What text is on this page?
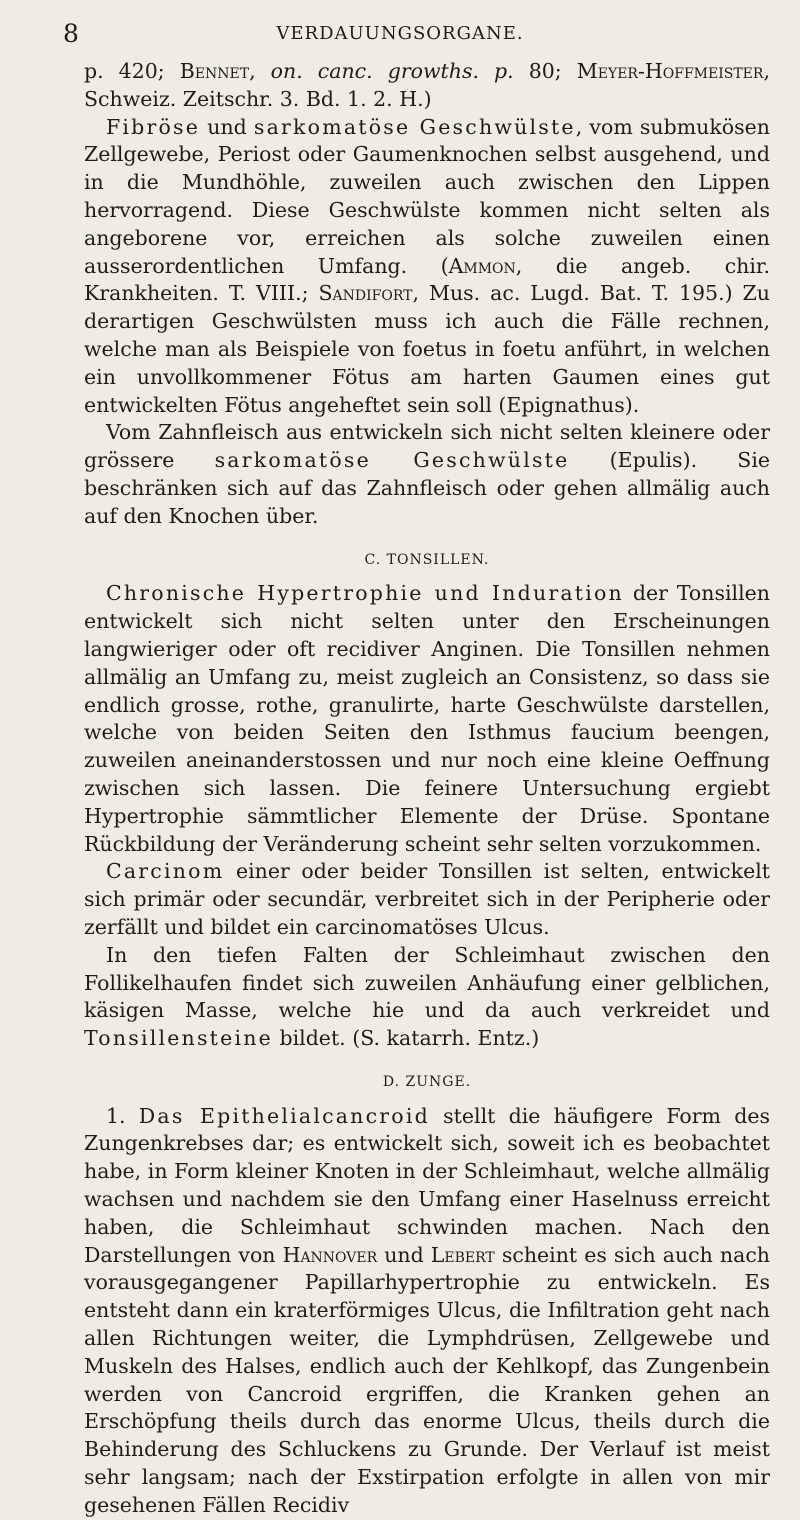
8	VERDAUUNGSORGANE.

p. 420; Bennet, on. canc. growths. p. 80; Meyer-Hoffmeister, Schweiz. Zeitschr. 3. Bd. 1. 2. H.)

Fibröse und sarkomatöse Geschwülste, vom submukösen Zellgewebe, Periost oder Gaumenknochen selbst ausgehend, und in die Mundhöhle, zuweilen auch zwischen den Lippen hervorragend. Diese Geschwülste kommen nicht selten als angeborene vor, erreichen als solche zuweilen einen ausserordentlichen Umfang. (Ammon, die angeb. chir. Krankheiten. T. VIII.; Sandifort, Mus. ac. Lugd. Bat. T. 195.) Zu derartigen Geschwülsten muss ich auch die Fälle rechnen, welche man als Beispiele von foetus in foetu anführt, in welchen ein unvollkommener Fötus am harten Gaumen eines gut entwickelten Fötus angeheftet sein soll (Epignathus).

Vom Zahnfleisch aus entwickeln sich nicht selten kleinere oder grössere sarkomatöse Geschwülste (Epulis). Sie beschränken sich auf das Zahnfleisch oder gehen allmälig auch auf den Knochen über.

C. TONSILLEN.

Chronische Hypertrophie und Induration der Tonsillen entwickelt sich nicht selten unter den Erscheinungen langwieriger oder oft recidiver Anginen. Die Tonsillen nehmen allmälig an Umfang zu, meist zugleich an Consistenz, so dass sie endlich grosse, rothe, granulirte, harte Geschwülste darstellen, welche von beiden Seiten den Isthmus faucium beengen, zuweilen aneinanderstossen und nur noch eine kleine Oeffnung zwischen sich lassen. Die feinere Untersuchung ergiebt Hypertrophie sämmtlicher Elemente der Drüse. Spontane Rückbildung der Veränderung scheint sehr selten vorzukommen.

Carcinom einer oder beider Tonsillen ist selten, entwickelt sich primär oder secundär, verbreitet sich in der Peripherie oder zerfällt und bildet ein carcinomatöses Ulcus.

In den tiefen Falten der Schleimhaut zwischen den Follikelhaufen findet sich zuweilen Anhäufung einer gelblichen, käsigen Masse, welche hie und da auch verkreidet und Tonsillensteine bildet. (S. katarrh. Entz.)

D. ZUNGE.

1. Das Epithelialcancroid stellt die häufigere Form des Zungenkrebses dar; es entwickelt sich, soweit ich es beobachtet habe, in Form kleiner Knoten in der Schleimhaut, welche allmälig wachsen und nachdem sie den Umfang einer Haselnuss erreicht haben, die Schleimhaut schwinden machen. Nach den Darstellungen von Hannover und Lebert scheint es sich auch nach vorausgegangener Papillarhypertrophie zu entwickeln. Es entsteht dann ein kraterförmiges Ulcus, die Infiltration geht nach allen Richtungen weiter, die Lymphdrüsen, Zellgewebe und Muskeln des Halses, endlich auch der Kehlkopf, das Zungenbein werden von Cancroid ergriffen, die Kranken gehen an Erschöpfung theils durch das enorme Ulcus, theils durch die Behinderung des Schluckens zu Grunde. Der Verlauf ist meist sehr langsam; nach der Exstirpation erfolgte in allen von mir gesehenen Fällen Recidiv
